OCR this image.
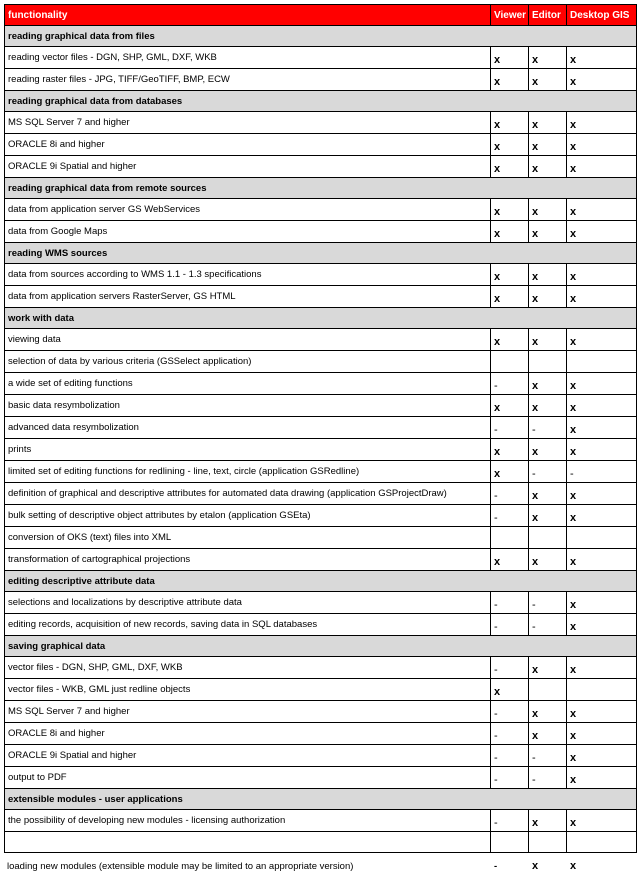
functionality	Viewer	Editor	Desktop GIS
reading graphical data from files			
reading vector files - DGN, SHP, GML, DXF, WKB	x	x	x
reading raster files - JPG, TIFF/GeoTIFF, BMP, ECW	x	x	x
reading graphical data from databases			
MS SQL Server 7 and higher	x	x	x
ORACLE 8i and higher	x	x	x
ORACLE 9i Spatial and higher	x	x	x
reading graphical data from remote sources			
data from application server GS WebServices	x	x	x
data from Google Maps	x	x	x
reading WMS sources			
data from sources according to WMS 1.1 - 1.3 specifications	x	x	x
data from application servers RasterServer, GS HTML	x	x	x
work with data			
viewing data	x	x	x
selection of data by various criteria (GSSelect application)			
a wide set of editing functions	-	x	x
basic data resymbolization	x	x	x
advanced data resymbolization	-	-	x
prints	x	x	x
limited set of editing functions for redlining - line, text, circle (application GSRedline)	x	-	-
definition of graphical and descriptive attributes for automated data drawing (application GSProjectDraw)	-	x	x
bulk setting of descriptive object attributes by etalon (application GSEta)	-	x	x
conversion of OKS (text) files into XML			
transformation of cartographical projections	x	x	x
editing descriptive attribute data			
selections and localizations by descriptive attribute data	-	-	x
editing records, acquisition of new records, saving data in SQL databases	-	-	x
saving graphical data			
vector files - DGN, SHP, GML, DXF, WKB	-	x	x
vector files - WKB, GML just redline objects	x		
MS SQL Server 7 and higher	-	x	x
ORACLE 8i and higher	-	x	x
ORACLE 9i Spatial and higher	-	-	x
output to PDF	-	-	x
extensible modules - user applications			
the possibility of developing new modules - licensing authorization	-	x	x

loading new modules (extensible module may be limited to an appropriate version)	-	x	x
